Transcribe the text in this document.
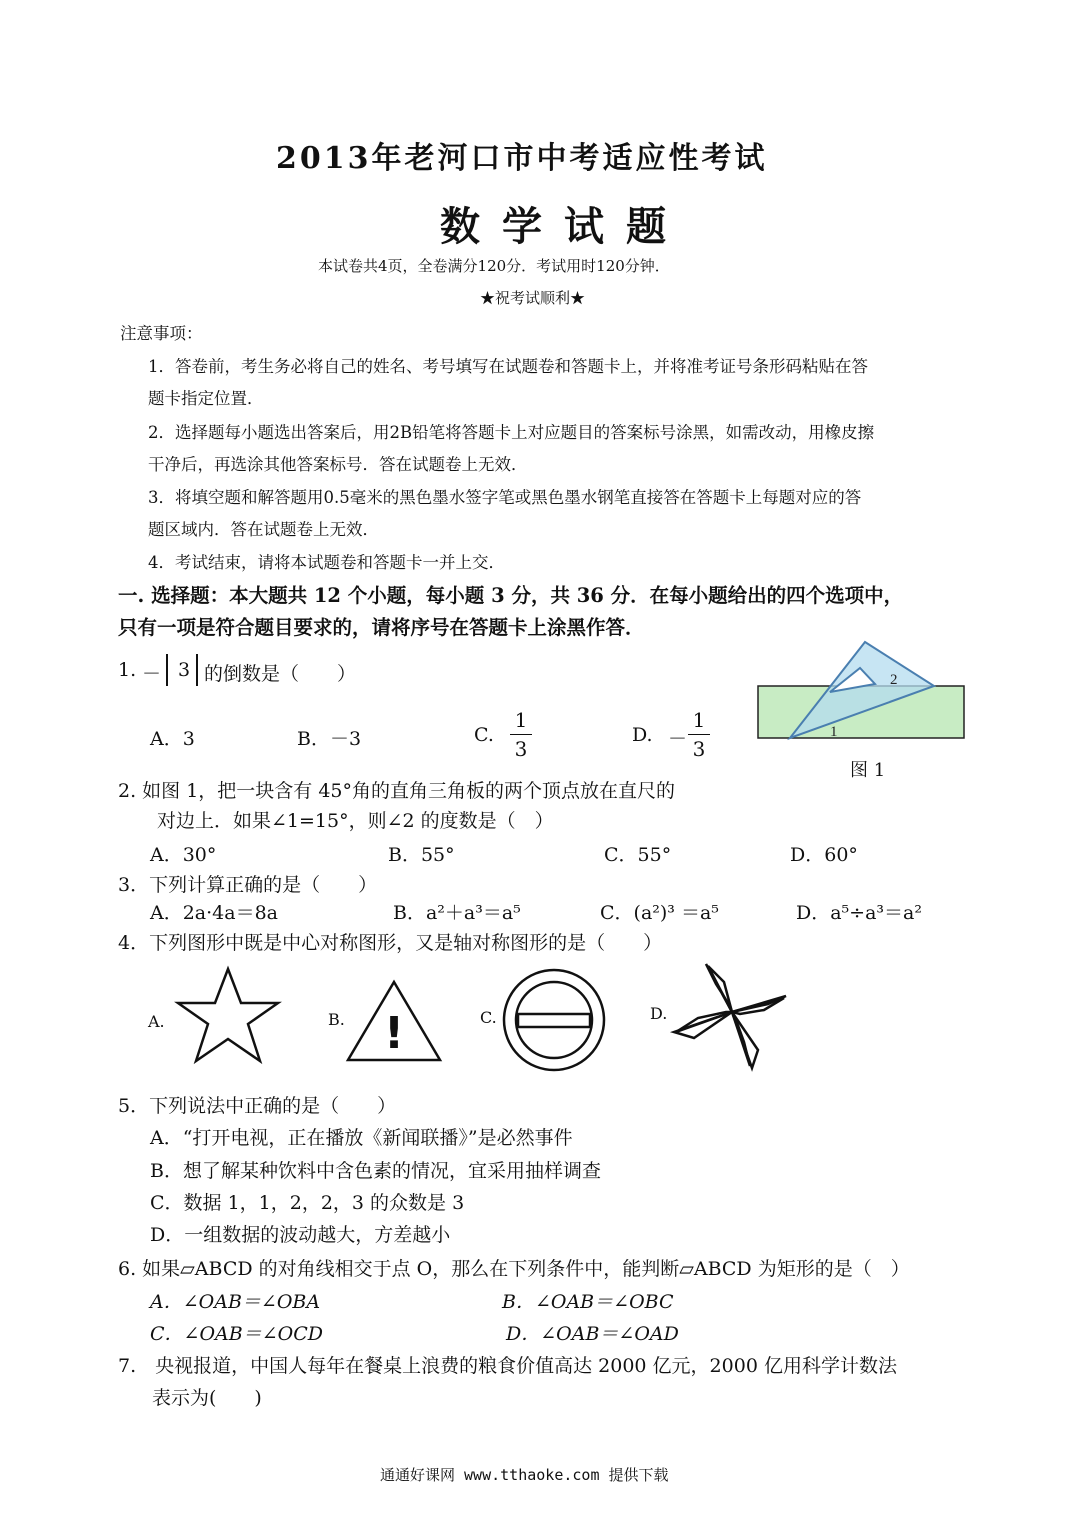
2013年老河口市中考适应性考试
数学试题
本试卷共4页，全卷满分120分．考试用时120分钟．
★祝考试顺利★
注意事项：
1．答卷前，考生务必将自己的姓名、考号填写在试题卷和答题卡上，并将准考证号条形码粘贴在答
题卡指定位置．
2．选择题每小题选出答案后，用2B铅笔将答题卡上对应题目的答案标号涂黑，如需改动，用橡皮擦
干净后，再选涂其他答案标号．答在试题卷上无效．
3．将填空题和解答题用0.5毫米的黑色墨水签字笔或黑色墨水钢笔直接答在答题卡上每题对应的答
题区域内．答在试题卷上无效．
4．考试结束，请将本试题卷和答题卡一并上交．
一. 选择题：本大题共 12 个小题，每小题 3 分，共 36 分．在每小题给出的四个选项中，
只有一项是符合题目要求的，请将序号在答题卡上涂黑作答．
1. － 3 的倒数是（　　）
A．3	B．－3	C.
1
3
D. －
1
3
2
1
图 1
2. 如图 1，把一块含有 45°角的直角三角板的两个顶点放在直尺的
对边上．如果∠1=15°，则∠2 的度数是（　）
A．30°	B．55°	C．55°	D．60°
3．下列计算正确的是（　　）
A．2a·4a＝8a	B．a²＋a³＝a⁵	C．(a²)³ ＝a⁵	D．a⁵÷a³＝a²
4．下列图形中既是中心对称图形，又是轴对称图形的是（　　）
A.	B. !	C.	D.
5．下列说法中正确的是（　　）
A．“打开电视，正在播放《新闻联播》”是必然事件
B．想了解某种饮料中含色素的情况，宜采用抽样调查
C．数据 1，1，2，2，3 的众数是 3
D．一组数据的波动越大，方差越小
6. 如果▱ABCD 的对角线相交于点 O，那么在下列条件中，能判断▱ABCD 为矩形的是（　）
A．∠OAB＝∠OBA	B．∠OAB＝∠OBC
C．∠OAB＝∠OCD	D．∠OAB＝∠OAD
7.　央视报道，中国人每年在餐桌上浪费的粮食价值高达 2000 亿元，2000 亿用科学计数法
表示为(　　)
通通好课网 www.tthaoke.com 提供下载
